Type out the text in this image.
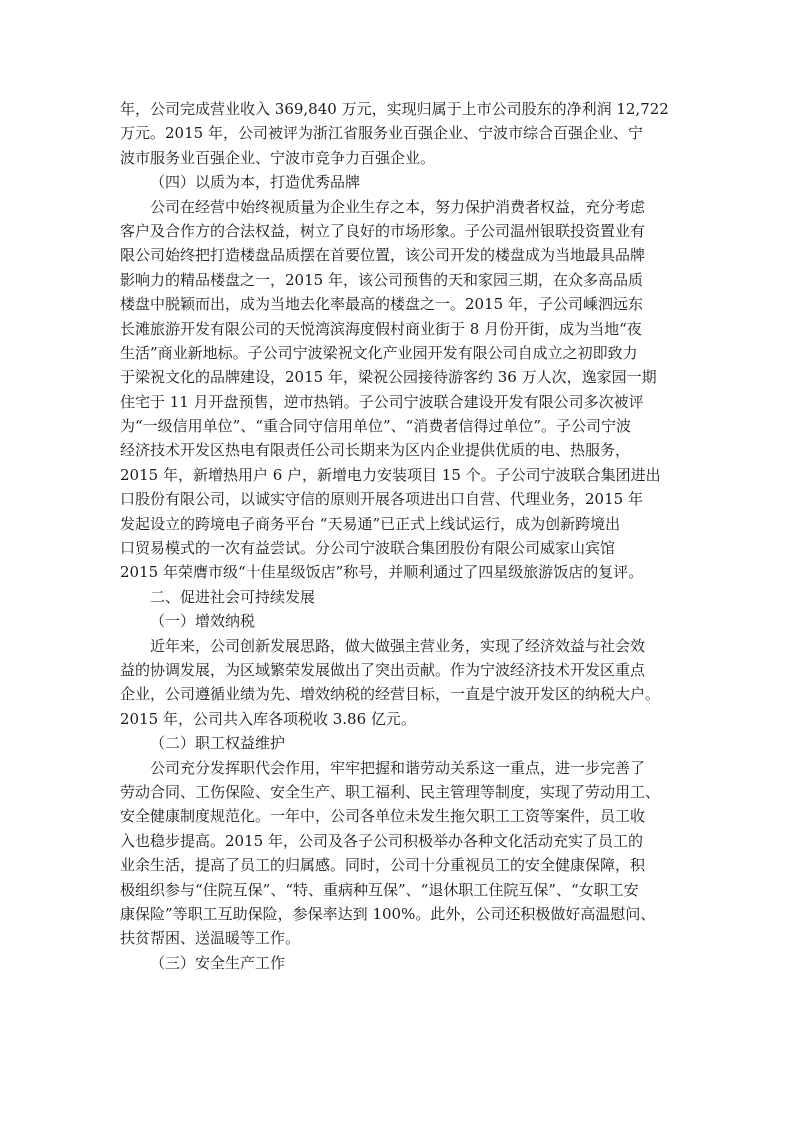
年，公司完成营业收入 369,840 万元，实现归属于上市公司股东的净利润 12,722
万元。2015 年，公司被评为浙江省服务业百强企业、宁波市综合百强企业、宁
波市服务业百强企业、宁波市竞争力百强企业。
（四）以质为本，打造优秀品牌
公司在经营中始终视质量为企业生存之本，努力保护消费者权益，充分考虑
客户及合作方的合法权益，树立了良好的市场形象。子公司温州银联投资置业有
限公司始终把打造楼盘品质摆在首要位置，该公司开发的楼盘成为当地最具品牌
影响力的精品楼盘之一，2015 年，该公司预售的天和家园三期，在众多高品质
楼盘中脱颖而出，成为当地去化率最高的楼盘之一。2015 年，子公司嵊泗远东
长滩旅游开发有限公司的天悦湾滨海度假村商业街于 8 月份开街，成为当地“夜
生活”商业新地标。子公司宁波梁祝文化产业园开发有限公司自成立之初即致力
于梁祝文化的品牌建设，2015 年，梁祝公园接待游客约 36 万人次，逸家园一期
住宅于 11 月开盘预售，逆市热销。子公司宁波联合建设开发有限公司多次被评
为“一级信用单位”、“重合同守信用单位”、“消费者信得过单位”。子公司宁波
经济技术开发区热电有限责任公司长期来为区内企业提供优质的电、热服务，
2015 年，新增热用户 6 户，新增电力安装项目 15 个。子公司宁波联合集团进出
口股份有限公司，以诚实守信的原则开展各项进出口自营、代理业务，2015 年
发起设立的跨境电子商务平台 “天易通”已正式上线试运行，成为创新跨境出
口贸易模式的一次有益尝试。分公司宁波联合集团股份有限公司威家山宾馆
2015 年荣膺市级“十佳星级饭店”称号，并顺利通过了四星级旅游饭店的复评。
二、促进社会可持续发展
（一）增效纳税
近年来，公司创新发展思路，做大做强主营业务，实现了经济效益与社会效
益的协调发展，为区域繁荣发展做出了突出贡献。作为宁波经济技术开发区重点
企业，公司遵循业绩为先、增效纳税的经营目标，一直是宁波开发区的纳税大户。
2015 年，公司共入库各项税收 3.86 亿元。
（二）职工权益维护
公司充分发挥职代会作用，牢牢把握和谐劳动关系这一重点，进一步完善了
劳动合同、工伤保险、安全生产、职工福利、民主管理等制度，实现了劳动用工、
安全健康制度规范化。一年中，公司各单位未发生拖欠职工工资等案件，员工收
入也稳步提高。2015 年，公司及各子公司积极举办各种文化活动充实了员工的
业余生活，提高了员工的归属感。同时，公司十分重视员工的安全健康保障，积
极组织参与“住院互保”、“特、重病种互保”、“退休职工住院互保”、“女职工安
康保险”等职工互助保险，参保率达到 100%。此外，公司还积极做好高温慰问、
扶贫帮困、送温暖等工作。
（三）安全生产工作
